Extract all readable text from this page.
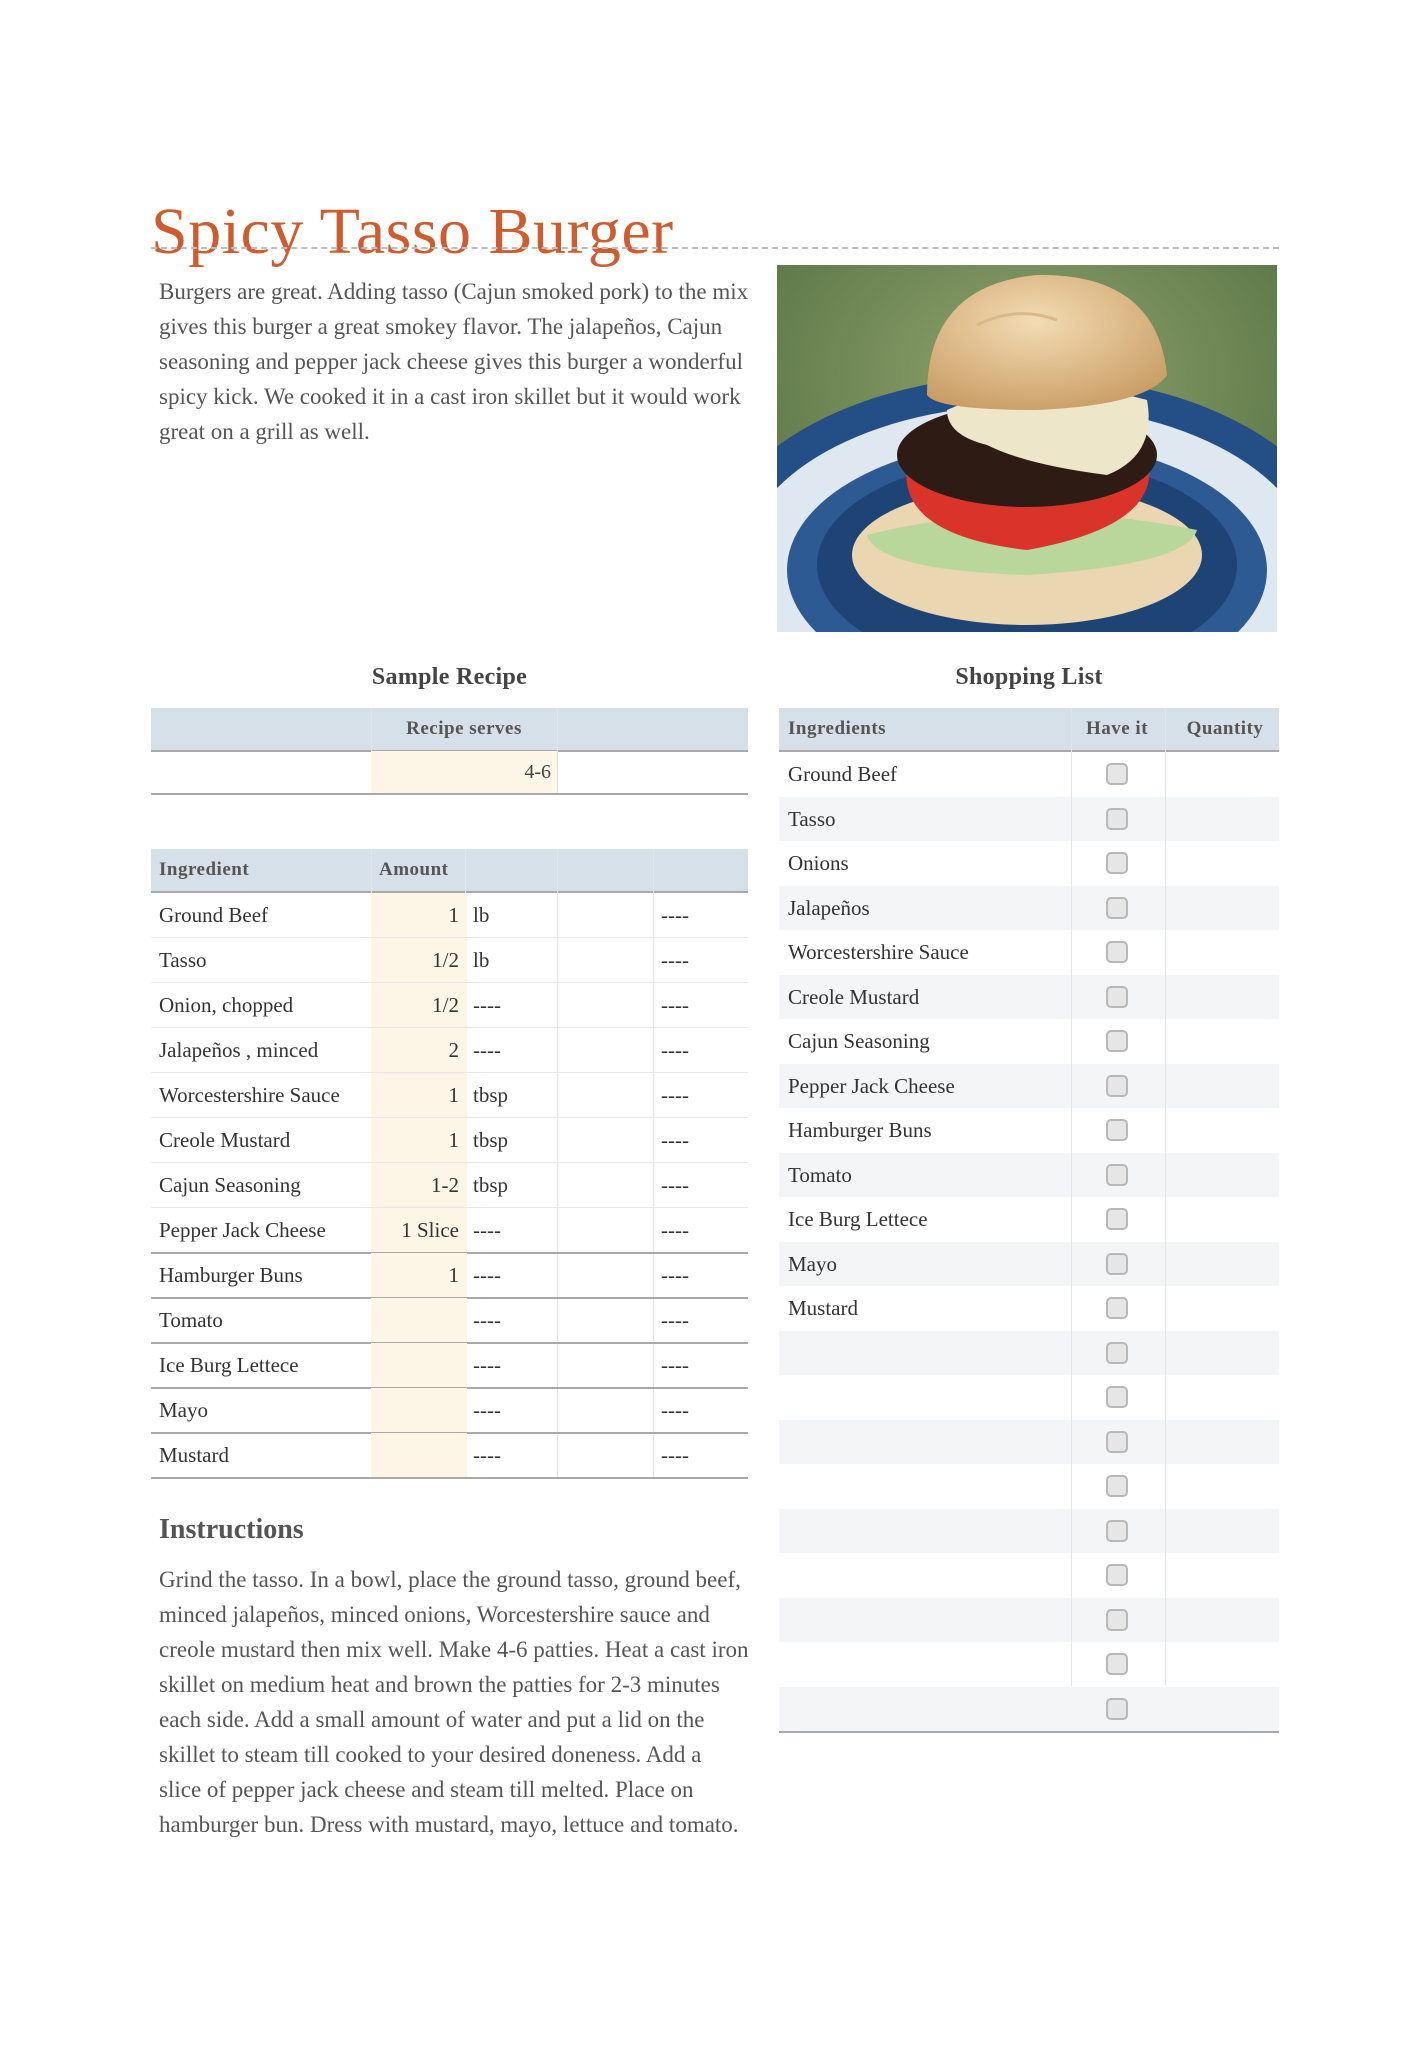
Spicy Tasso Burger

Burgers are great. Adding tasso (Cajun smoked pork) to the mix gives this burger a great smokey flavor. The jalapeños, Cajun seasoning and pepper jack cheese gives this burger a wonderful spicy kick. We cooked it in a cast iron skillet but it would work great on a grill as well.

Sample Recipe
Recipe serves
4-6
Ingredient	Amount
Ground Beef	1 lb	----
Tasso	1/2 lb	----
Onion, chopped	1/2 ----	----
Jalapeños , minced	2 ----	----
Worcestershire Sauce	1 tbsp	----
Creole Mustard	1 tbsp	----
Cajun Seasoning	1-2 tbsp	----
Pepper Jack Cheese	1 Slice ----	----
Hamburger Buns	1 ----	----
Tomato	----	----
Ice Burg Lettece	----	----
Mayo	----	----
Mustard	----	----
Instructions

Grind the tasso. In a bowl, place the ground tasso, ground beef, minced jalapeños, minced onions, Worcestershire sauce and creole mustard then mix well. Make 4-6 patties. Heat a cast iron skillet on medium heat and brown the patties for 2-3 minutes each side. Add a small amount of water and put a lid on the skillet to steam till cooked to your desired doneness. Add a slice of pepper jack cheese and steam till melted. Place on hamburger bun. Dress with mustard, mayo, lettuce and tomato.

Shopping List
Ingredients	Have it	Quantity
Ground Beef
Tasso
Onions
Jalapeños
Worcestershire Sauce
Creole Mustard
Cajun Seasoning
Pepper Jack Cheese
Hamburger Buns
Tomato
Ice Burg Lettece
Mayo
Mustard
